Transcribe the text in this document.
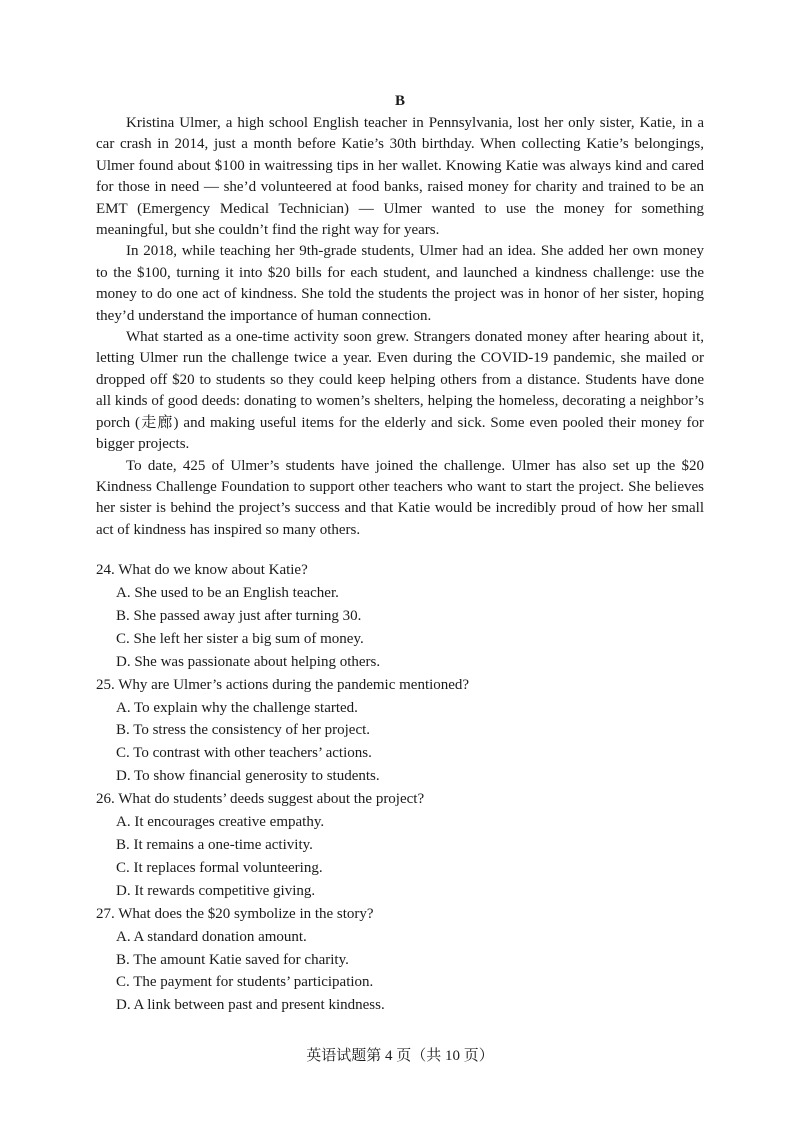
B

Kristina Ulmer, a high school English teacher in Pennsylvania, lost her only sister, Katie, in a car crash in 2014, just a month before Katie’s 30th birthday. When collecting Katie’s belongings, Ulmer found about $100 in waitressing tips in her wallet. Knowing Katie was always kind and cared for those in need — she’d volunteered at food banks, raised money for charity and trained to be an EMT (Emergency Medical Technician) — Ulmer wanted to use the money for something meaningful, but she couldn’t find the right way for years.

In 2018, while teaching her 9th-grade students, Ulmer had an idea. She added her own money to the $100, turning it into $20 bills for each student, and launched a kindness challenge: use the money to do one act of kindness. She told the students the project was in honor of her sister, hoping they’d understand the importance of human connection.

What started as a one-time activity soon grew. Strangers donated money after hearing about it, letting Ulmer run the challenge twice a year. Even during the COVID-19 pandemic, she mailed or dropped off $20 to students so they could keep helping others from a distance. Students have done all kinds of good deeds: donating to women’s shelters, helping the homeless, decorating a neighbor’s porch (走廊) and making useful items for the elderly and sick. Some even pooled their money for bigger projects.

To date, 425 of Ulmer’s students have joined the challenge. Ulmer has also set up the $20 Kindness Challenge Foundation to support other teachers who want to start the project. She believes her sister is behind the project’s success and that Katie would be incredibly proud of how her small act of kindness has inspired so many others.

24. What do we know about Katie?
A. She used to be an English teacher.
B. She passed away just after turning 30.
C. She left her sister a big sum of money.
D. She was passionate about helping others.
25. Why are Ulmer’s actions during the pandemic mentioned?
A. To explain why the challenge started.
B. To stress the consistency of her project.
C. To contrast with other teachers’ actions.
D. To show financial generosity to students.
26. What do students’ deeds suggest about the project?
A. It encourages creative empathy.
B. It remains a one-time activity.
C. It replaces formal volunteering.
D. It rewards competitive giving.
27. What does the $20 symbolize in the story?
A. A standard donation amount.
B. The amount Katie saved for charity.
C. The payment for students’ participation.
D. A link between past and present kindness.
英语试题第 4 页（共 10 页）
